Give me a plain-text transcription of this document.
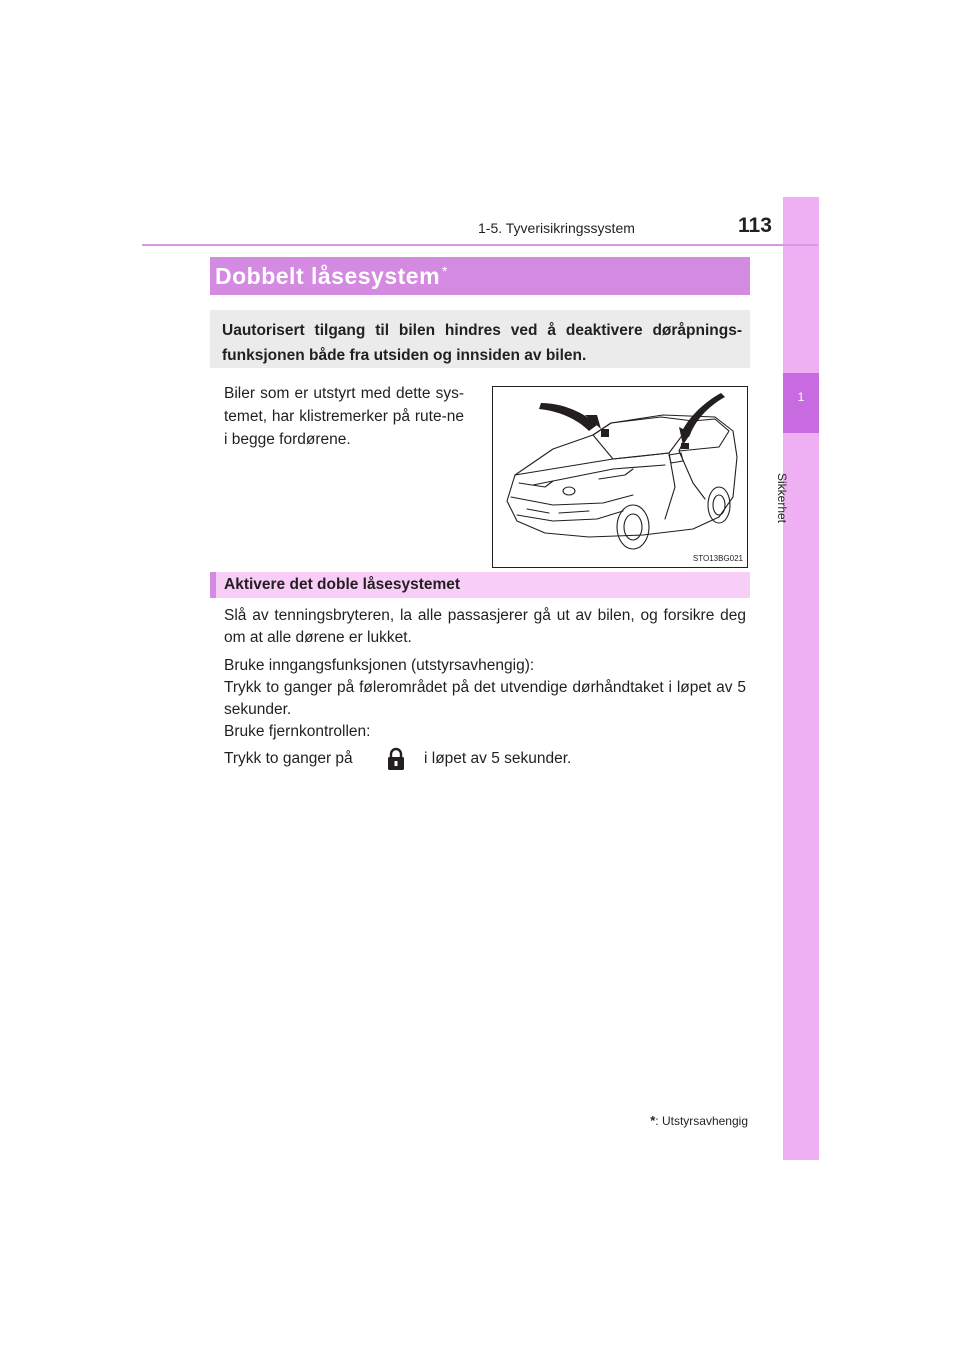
1
Sikkerhet
1-5. Tyverisikringssystem	113
Dobbelt låsesystem *

Uautorisert tilgang til bilen hindres ved å deaktivere døråpnings-funksjonen både fra utsiden og innsiden av bilen.

Biler som er utstyrt med dette sys-temet, har klistremerker på rute-ne i begge fordørene.

STO13BG021
Aktivere det doble låsesystemet

Slå av tenningsbryteren, la alle passasjerer gå ut av bilen, og forsikre deg om at alle dørene er lukket.

Bruke inngangsfunksjonen (utstyrsavhengig):

Trykk to ganger på følerområdet på det utvendige dørhåndtaket i løpet av 5 sekunder.

Bruke fjernkontrollen:

Trykk to ganger på	i løpet av 5 sekunder.

*: Utstyrsavhengig
